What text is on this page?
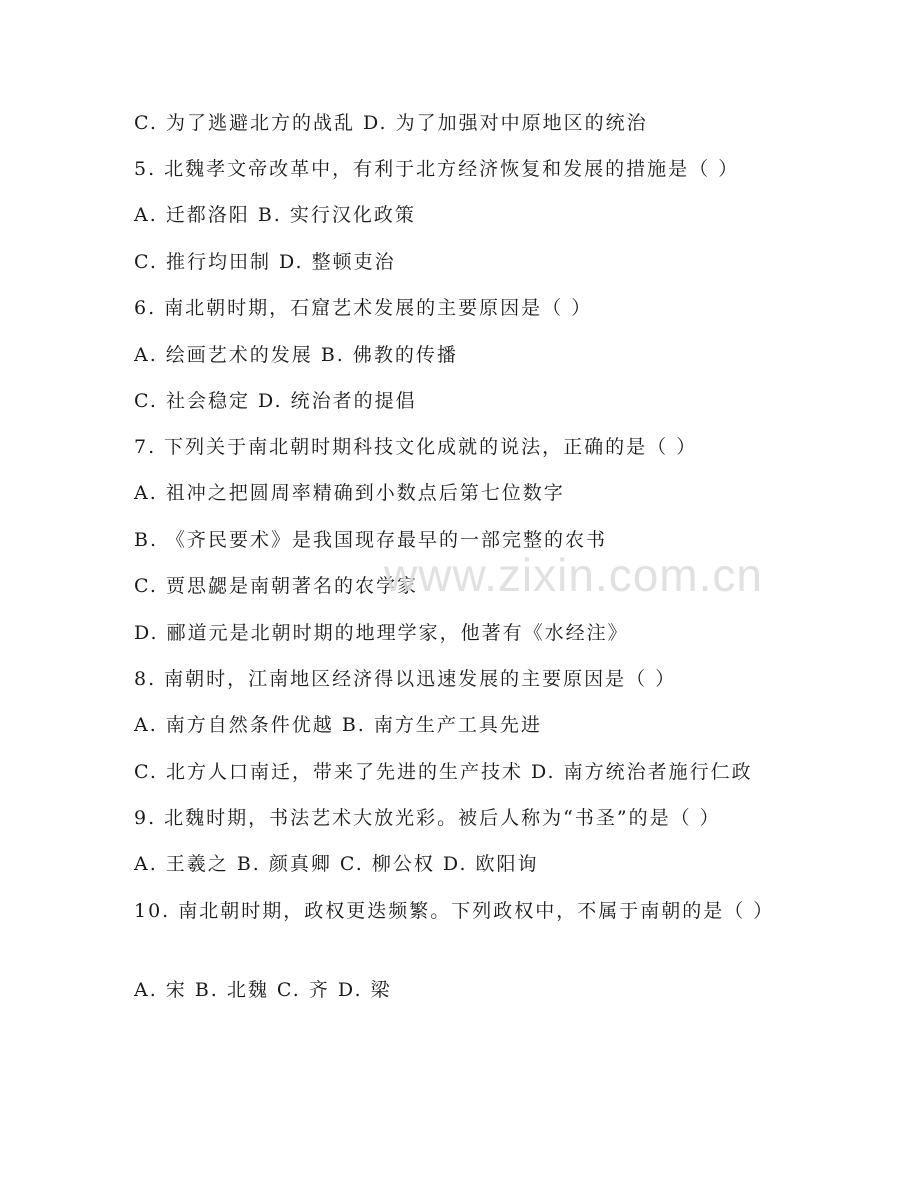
C. 为了逃避北方的战乱 D. 为了加强对中原地区的统治
5. 北魏孝文帝改革中，有利于北方经济恢复和发展的措施是（ ）
A. 迁都洛阳 B. 实行汉化政策
C. 推行均田制 D. 整顿吏治
6. 南北朝时期，石窟艺术发展的主要原因是（ ）
A. 绘画艺术的发展 B. 佛教的传播
C. 社会稳定 D. 统治者的提倡
7. 下列关于南北朝时期科技文化成就的说法，正确的是（ ）
A. 祖冲之把圆周率精确到小数点后第七位数字
B. 《齐民要术》是我国现存最早的一部完整的农书
C. 贾思勰是南朝著名的农学家
D. 郦道元是北朝时期的地理学家，他著有《水经注》
8. 南朝时，江南地区经济得以迅速发展的主要原因是（ ）
A. 南方自然条件优越 B. 南方生产工具先进
C. 北方人口南迁，带来了先进的生产技术 D. 南方统治者施行仁政
9. 北魏时期，书法艺术大放光彩。被后人称为“书圣”的是（ ）
A. 王羲之 B. 颜真卿 C. 柳公权 D. 欧阳询
10. 南北朝时期，政权更迭频繁。下列政权中，不属于南朝的是（ ）
A. 宋 B. 北魏 C. 齐 D. 梁
www.zixin.com.cn
